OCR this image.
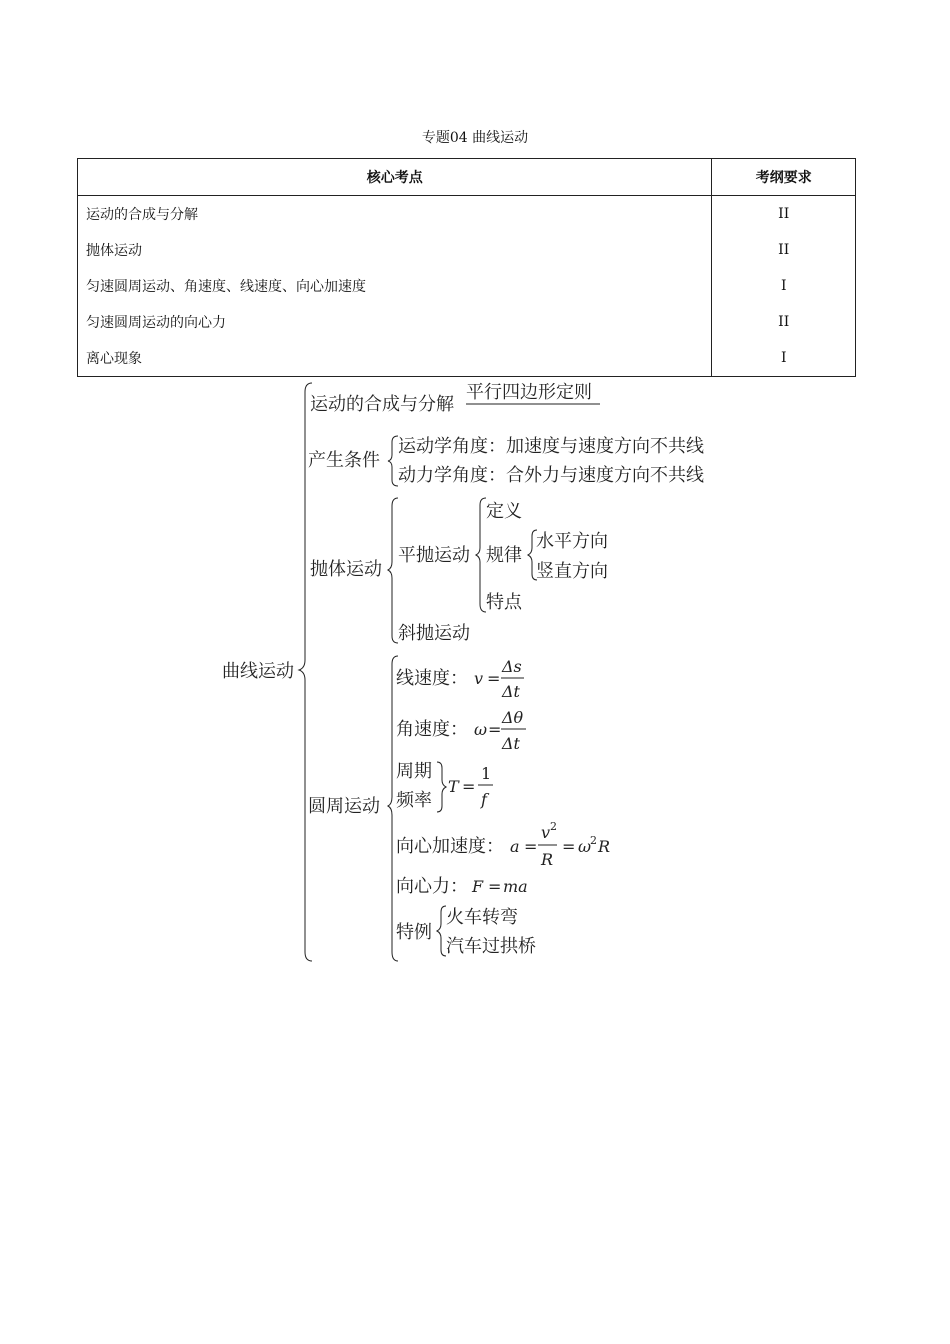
专题04 曲线运动
核心考点	考纲要求
运动的合成与分解	II
抛体运动	II
匀速圆周运动、角速度、线速度、向心加速度	I
匀速圆周运动的向心力	II
离心现象	I
曲线运动
运动的合成与分解
平行四边形定则
产生条件
运动学角度：加速度与速度方向不共线
动力学角度：合外力与速度方向不共线
抛体运动
平抛运动
定义
规律
水平方向
竖直方向
特点
斜抛运动
圆周运动
线速度： v =
Δs
Δt
角速度： ω =
Δθ
Δt
周期
频率
T =
1
f
向心加速度： a =
v 2
R
= ω
2 R
向心力： F = ma
特例
火车转弯
汽车过拱桥
